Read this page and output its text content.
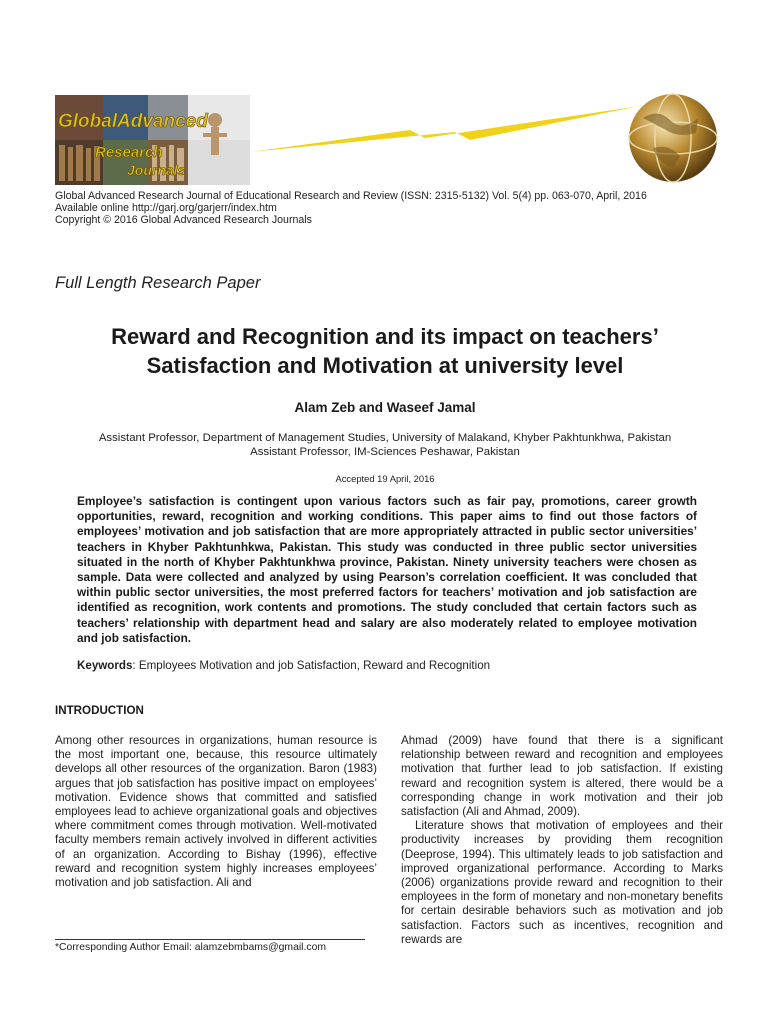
Global Advanced
Research
Journals
Global Advanced Research Journal of Educational Research and Review (ISSN: 2315-5132) Vol. 5(4) pp. 063-070, April, 2016
Available online http://garj.org/garjerr/index.htm
Copyright © 2016 Global Advanced Research Journals
Full Length Research Paper
Reward and Recognition and its impact on teachers’
Satisfaction and Motivation at university level
Alam Zeb and Waseef Jamal
Assistant Professor, Department of Management Studies, University of Malakand, Khyber Pakhtunkhwa, Pakistan
Assistant Professor, IM-Sciences Peshawar, Pakistan
Accepted 19 April, 2016
Employee’s satisfaction is contingent upon various factors such as fair pay, promotions, career growth opportunities, reward, recognition and working conditions. This paper aims to find out those factors of employees’ motivation and job satisfaction that are more appropriately attracted in public sector universities’ teachers in Khyber Pakhtunhkwa, Pakistan. This study was conducted in three public sector universities situated in the north of Khyber Pakhtunkhwa province, Pakistan. Ninety university teachers were chosen as sample. Data were collected and analyzed by using Pearson’s correlation coefficient. It was concluded that within public sector universities, the most preferred factors for teachers’ motivation and job satisfaction are identified as recognition, work contents and promotions. The study concluded that certain factors such as teachers’ relationship with department head and salary are also moderately related to employee motivation and job satisfaction.
Keywords: Employees Motivation and job Satisfaction, Reward and Recognition
INTRODUCTION

Among other resources in organizations, human resource is the most important one, because, this resource ultimately develops all other resources of the organization. Baron (1983) argues that job satisfaction has positive impact on employees’ motivation. Evidence shows that committed and satisfied employees lead to achieve organizational goals and objectives where commitment comes through motivation. Well-motivated faculty members remain actively involved in different activities of an organization. According to Bishay (1996), effective reward and recognition system highly increases employees’ motivation and job satisfaction. Ali and

Ahmad (2009) have found that there is a significant relationship between reward and recognition and employees motivation that further lead to job satisfaction. If existing reward and recognition system is altered, there would be a corresponding change in work motivation and their job satisfaction (Ali and Ahmad, 2009).

Literature shows that motivation of employees and their productivity increases by providing them recognition (Deeprose, 1994). This ultimately leads to job satisfaction and improved organizational performance. According to Marks (2006) organizations provide reward and recognition to their employees in the form of monetary and non-monetary benefits for certain desirable behaviors such as motivation and job satisfaction. Factors such as incentives, recognition and rewards are

*Corresponding Author Email: alamzebmbams@gmail.com
